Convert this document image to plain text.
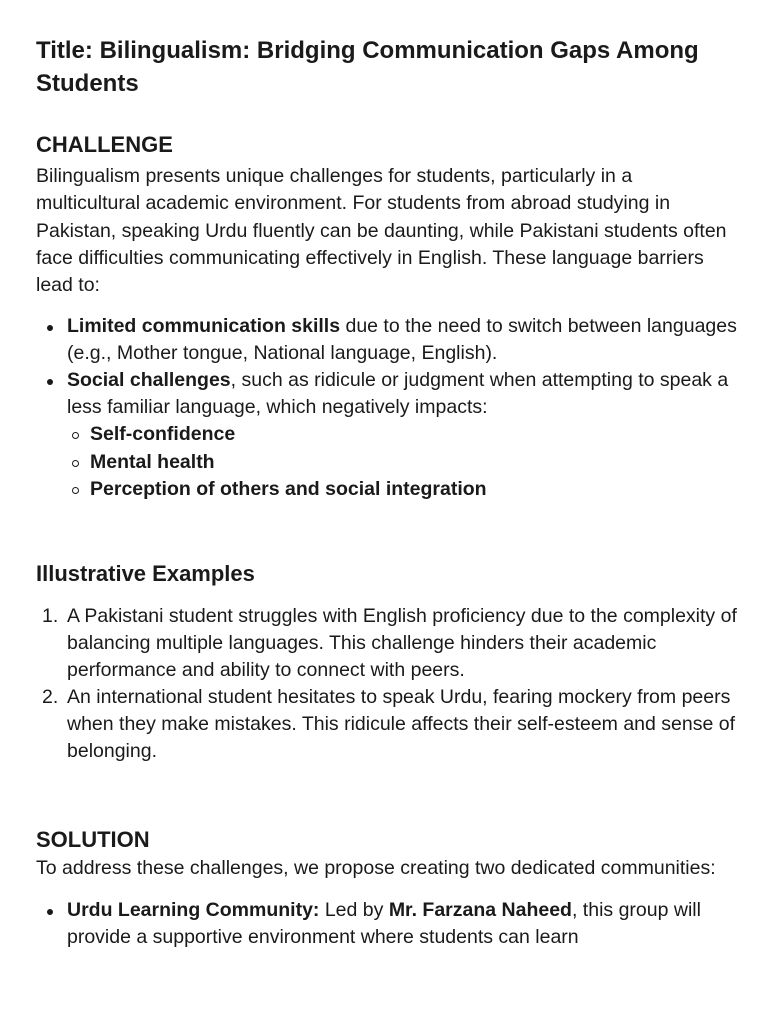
Title: Bilingualism: Bridging Communication Gaps Among Students
CHALLENGE

Bilingualism presents unique challenges for students, particularly in a multicultural academic environment. For students from abroad studying in Pakistan, speaking Urdu fluently can be daunting, while Pakistani students often face difficulties communicating effectively in English. These language barriers lead to:

Limited communication skills due to the need to switch between languages (e.g., Mother tongue, National language, English).
Social challenges, such as ridicule or judgment when attempting to speak a less familiar language, which negatively impacts:
Self-confidence
Mental health
Perception of others and social integration
Illustrative Examples
1. A Pakistani student struggles with English proficiency due to the complexity of balancing multiple languages. This challenge hinders their academic performance and ability to connect with peers.
2. An international student hesitates to speak Urdu, fearing mockery from peers when they make mistakes. This ridicule affects their self-esteem and sense of belonging.
SOLUTION

To address these challenges, we propose creating two dedicated communities:

Urdu Learning Community: Led by Mr. Farzana Naheed, this group will provide a supportive environment where students can learn
